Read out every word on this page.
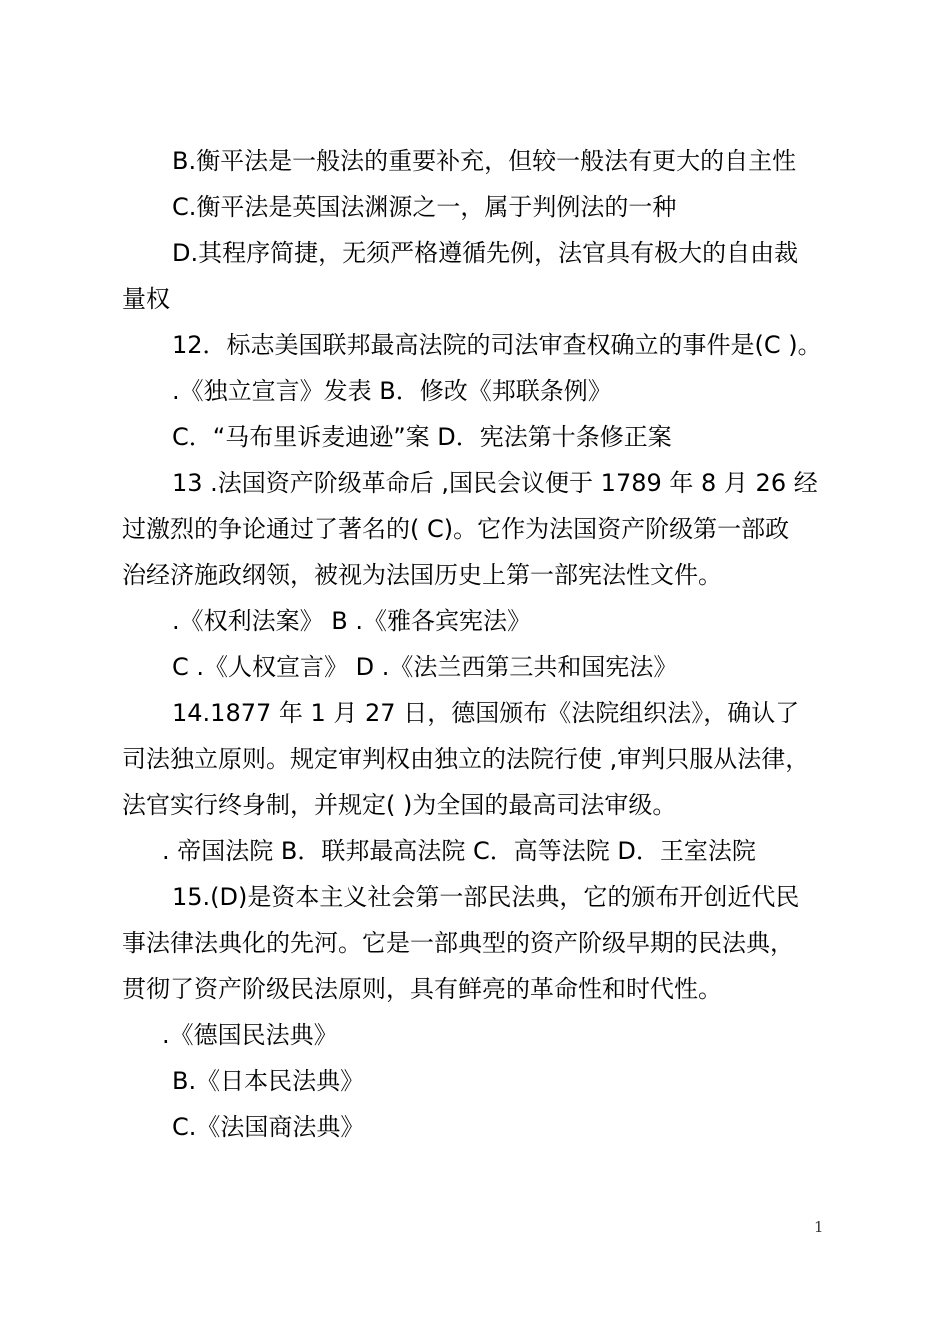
B.衡平法是一般法的重要补充，但较一般法有更大的自主性
C.衡平法是英国法渊源之一，属于判例法的一种
D.其程序简捷，无须严格遵循先例，法官具有极大的自由裁
量权
12．标志美国联邦最高法院的司法审查权确立的事件是(C )。
.《独立宣言》发表 B．修改《邦联条例》
C．“马布里诉麦迪逊”案 D．宪法第十条修正案
13 .法国资产阶级革命后 ,国民会议便于 1789 年 8 月 26 经
过激烈的争论通过了著名的( C)。它作为法国资产阶级第一部政
治经济施政纲领，被视为法国历史上第一部宪法性文件。
.《权利法案》 B .《雅各宾宪法》
C .《人权宣言》 D .《法兰西第三共和国宪法》
14.1877 年 1 月 27 日，德国颁布《法院组织法》，确认了
司法独立原则。规定审判权由独立的法院行使 ,审判只服从法律，
法官实行终身制，并规定( )为全国的最高司法审级。
. 帝国法院 B．联邦最高法院 C．高等法院 D．王室法院
15.(D)是资本主义社会第一部民法典，它的颁布开创近代民
事法律法典化的先河。它是一部典型的资产阶级早期的民法典，
贯彻了资产阶级民法原则，具有鲜亮的革命性和时代性。
.《德国民法典》
B.《日本民法典》
C.《法国商法典》
1
